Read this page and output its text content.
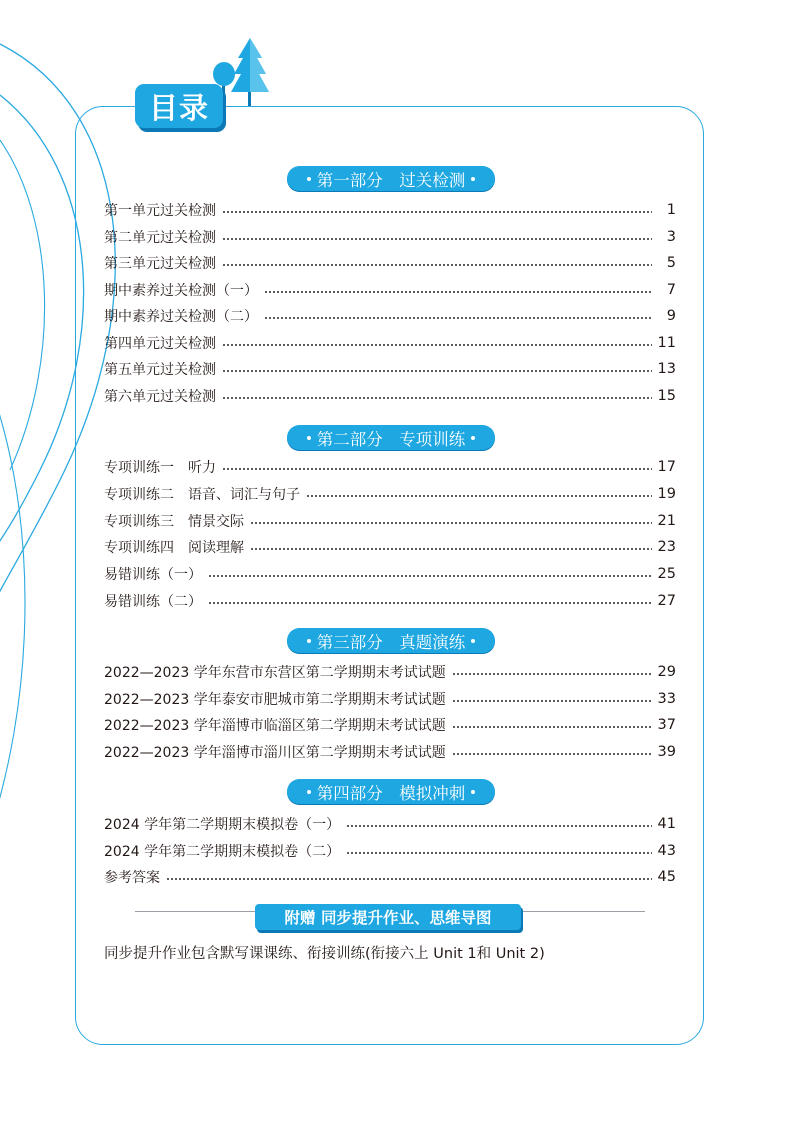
目录
第一部分　过关检测
第一单元过关检测	1
第二单元过关检测	3
第三单元过关检测	5
期中素养过关检测（一）	7
期中素养过关检测（二）	9
第四单元过关检测	11
第五单元过关检测	13
第六单元过关检测	15
第二部分　专项训练
专项训练一　听力	17
专项训练二　语音、词汇与句子	19
专项训练三　情景交际	21
专项训练四　阅读理解	23
易错训练（一）	25
易错训练（二）	27
第三部分　真题演练
2022—2023 学年东营市东营区第二学期期末考试试题	29
2022—2023 学年泰安市肥城市第二学期期末考试试题	33
2022—2023 学年淄博市临淄区第二学期期末考试试题	37
2022—2023 学年淄博市淄川区第二学期期末考试试题	39
第四部分　模拟冲刺
2024 学年第二学期期末模拟卷（一）	41
2024 学年第二学期期末模拟卷（二）	43
参考答案	45
附赠 同步提升作业、思维导图
同步提升作业包含默写课课练、衔接训练(衔接六上 Unit 1和 Unit 2)
